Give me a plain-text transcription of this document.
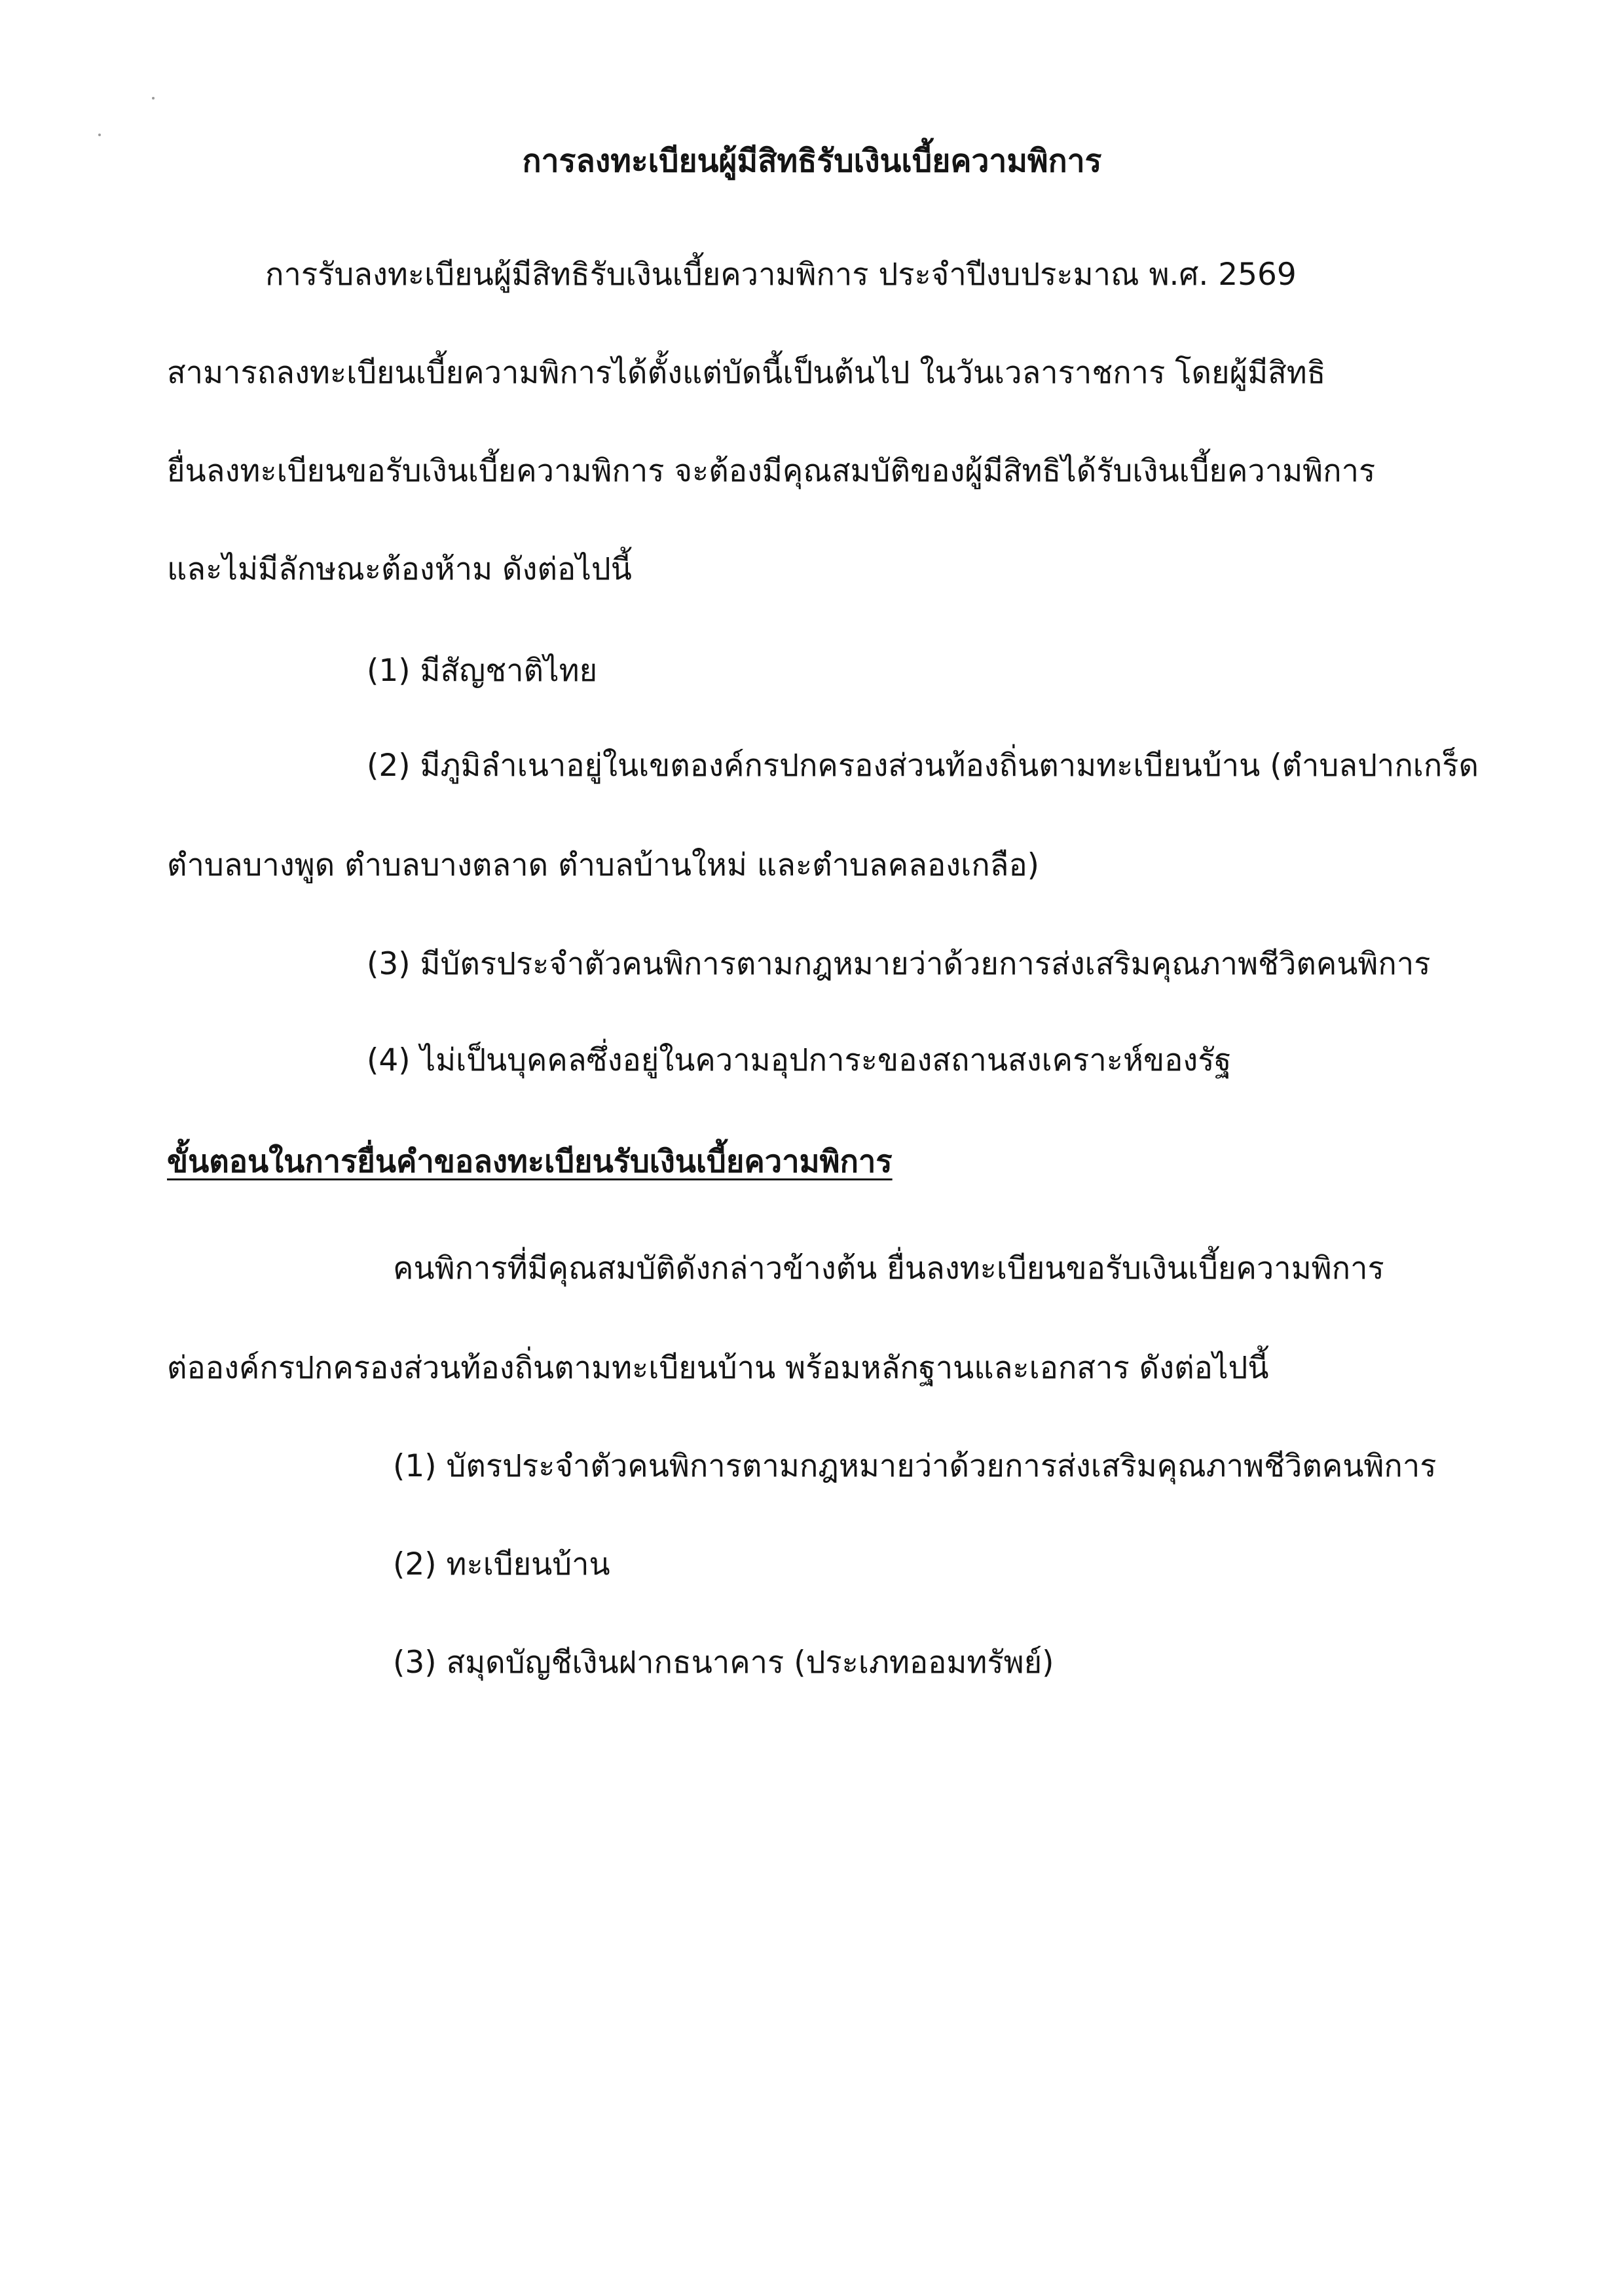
การลงทะเบียนผู้มีสิทธิรับเงินเบี้ยความพิการ

การรับลงทะเบียนผู้มีสิทธิรับเงินเบี้ยความพิการ ประจำปีงบประมาณ พ.ศ. 2569

สามารถลงทะเบียนเบี้ยความพิการได้ตั้งแต่บัดนี้เป็นต้นไป ในวันเวลาราชการ โดยผู้มีสิทธิ

ยื่นลงทะเบียนขอรับเงินเบี้ยความพิการ จะต้องมีคุณสมบัติของผู้มีสิทธิได้รับเงินเบี้ยความพิการ

และไม่มีลักษณะต้องห้าม ดังต่อไปนี้

(1) มีสัญชาติไทย

(2) มีภูมิลำเนาอยู่ในเขตองค์กรปกครองส่วนท้องถิ่นตามทะเบียนบ้าน (ตำบลปากเกร็ด

ตำบลบางพูด ตำบลบางตลาด ตำบลบ้านใหม่ และตำบลคลองเกลือ)

(3) มีบัตรประจำตัวคนพิการตามกฎหมายว่าด้วยการส่งเสริมคุณภาพชีวิตคนพิการ

(4) ไม่เป็นบุคคลซึ่งอยู่ในความอุปการะของสถานสงเคราะห์ของรัฐ

ขั้นตอนในการยื่นคำขอลงทะเบียนรับเงินเบี้ยความพิการ

คนพิการที่มีคุณสมบัติดังกล่าวข้างต้น ยื่นลงทะเบียนขอรับเงินเบี้ยความพิการ

ต่อองค์กรปกครองส่วนท้องถิ่นตามทะเบียนบ้าน พร้อมหลักฐานและเอกสาร ดังต่อไปนี้

(1) บัตรประจำตัวคนพิการตามกฎหมายว่าด้วยการส่งเสริมคุณภาพชีวิตคนพิการ

(2) ทะเบียนบ้าน

(3) สมุดบัญชีเงินฝากธนาคาร (ประเภทออมทรัพย์)
